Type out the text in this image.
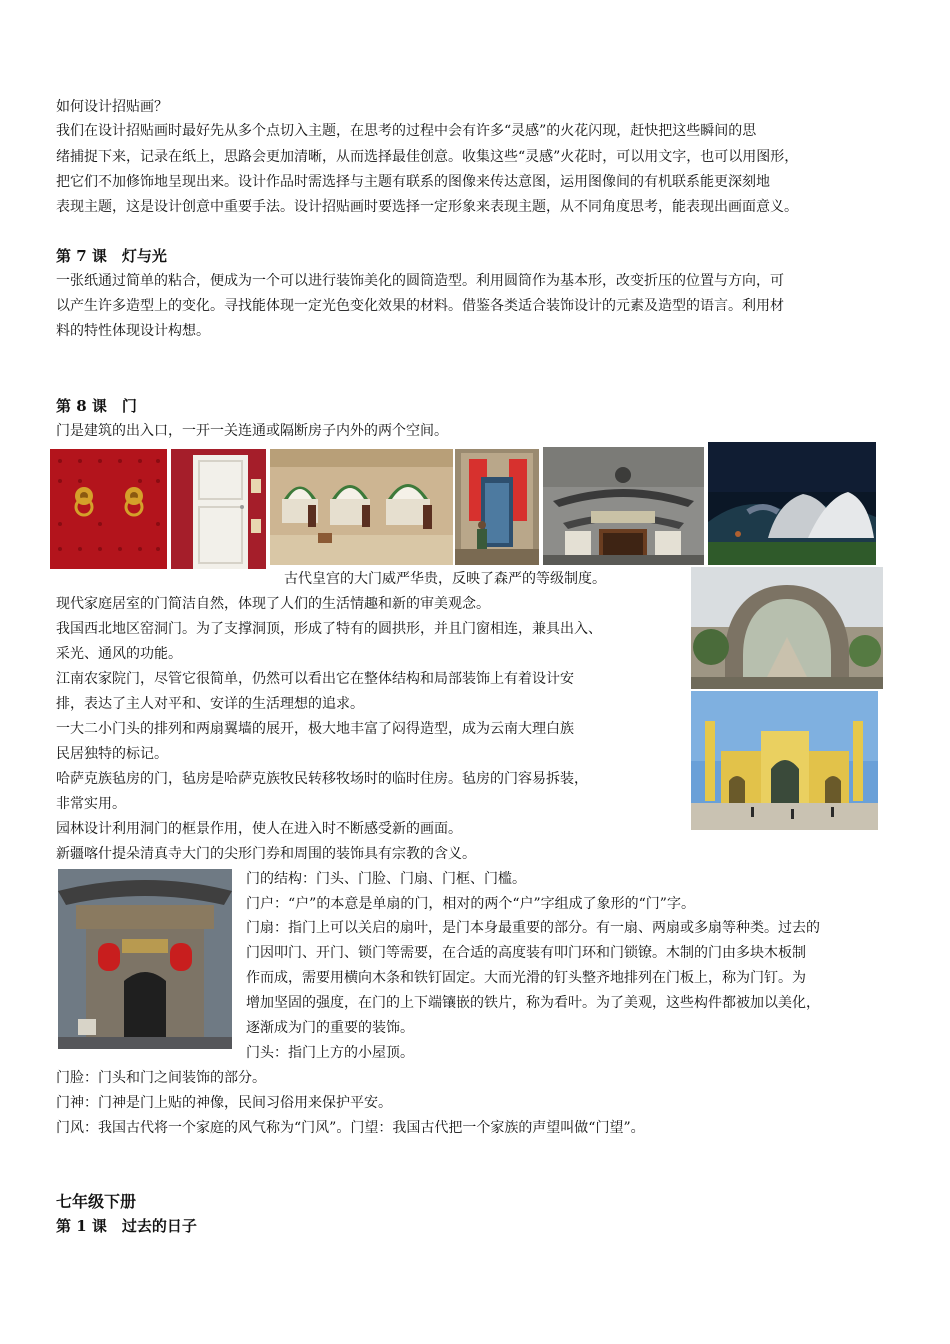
如何设计招贴画？
我们在设计招贴画时最好先从多个点切入主题，在思考的过程中会有许多“灵感”的火花闪现，赶快把这些瞬间的思
绪捕捉下来，记录在纸上，思路会更加清晰，从而选择最佳创意。收集这些“灵感”火花时，可以用文字，也可以用图形，
把它们不加修饰地呈现出来。设计作品时需选择与主题有联系的图像来传达意图，运用图像间的有机联系能更深刻地
表现主题，这是设计创意中重要手法。设计招贴画时要选择一定形象来表现主题，从不同角度思考，能表现出画面意义。
第 7 课　灯与光
一张纸通过简单的粘合，便成为一个可以进行装饰美化的圆筒造型。利用圆筒作为基本形，改变折压的位置与方向，可
以产生许多造型上的变化。寻找能体现一定光色变化效果的材料。借鉴各类适合装饰设计的元素及造型的语言。利用材
料的特性体现设计构想。
第 8 课　门
门是建筑的出入口，一开一关连通或隔断房子内外的两个空间。
古代皇宫的大门威严华贵，反映了森严的等级制度。
现代家庭居室的门简洁自然，体现了人们的生活情趣和新的审美观念。
我国西北地区窑洞门。为了支撑洞顶，形成了特有的圆拱形，并且门窗相连，兼具出入、
采光、通风的功能。
江南农家院门，尽管它很简单，仍然可以看出它在整体结构和局部装饰上有着设计安
排，表达了主人对平和、安详的生活理想的追求。
一大二小门头的排列和两扇翼墙的展开，极大地丰富了闷得造型，成为云南大理白族
民居独特的标记。
哈萨克族毡房的门，毡房是哈萨克族牧民转移牧场时的临时住房。毡房的门容易拆装，
非常实用。
园林设计利用洞门的框景作用，使人在进入时不断感受新的画面。
新疆喀什提朵清真寺大门的尖形门券和周围的装饰具有宗教的含义。
门的结构：门头、门脸、门扇、门框、门槛。
门户：“户”的本意是单扇的门，相对的两个“户”字组成了象形的“门”字。
门扇：指门上可以关启的扇叶，是门本身最重要的部分。有一扇、两扇或多扇等种类。过去的
门因叩门、开门、锁门等需要，在合适的高度装有叩门环和门锁镣。木制的门由多块木板制
作而成，需要用横向木条和铁钉固定。大而光滑的钉头整齐地排列在门板上，称为门钉。为
增加坚固的强度，在门的上下端镶嵌的铁片，称为看叶。为了美观，这些构件都被加以美化，
逐渐成为门的重要的装饰。
门头：指门上方的小屋顶。
门脸：门头和门之间装饰的部分。
门神：门神是门上贴的神像，民间习俗用来保护平安。
门风：我国古代将一个家庭的风气称为“门风”。门望：我国古代把一个家族的声望叫做“门望”。
七年级下册
第 1 课　过去的日子
